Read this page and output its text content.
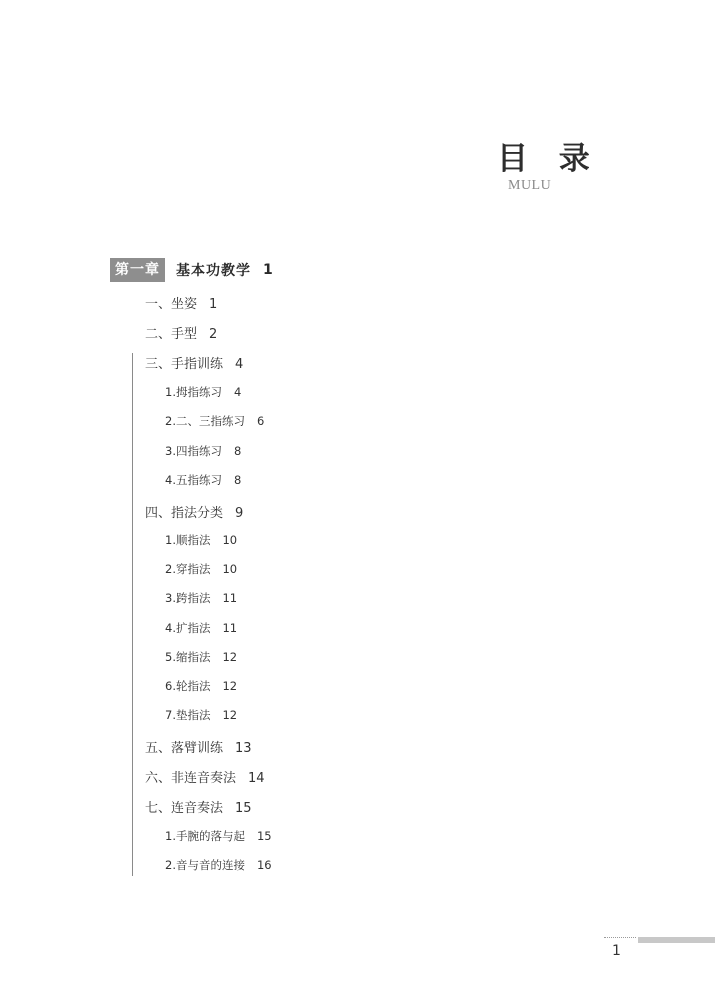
目 录
MULU
第一章	基本功教学 1
一、坐姿 1
二、手型 2
三、手指训练 4
1.拇指练习 4
2.二、三指练习 6
3.四指练习 8
4.五指练习 8
四、指法分类 9
1.顺指法 10
2.穿指法 10
3.跨指法 11
4.扩指法 11
5.缩指法 12
6.轮指法 12
7.垫指法 12
五、落臂训练 13
六、非连音奏法 14
七、连音奏法 15
1.手腕的落与起 15
2.音与音的连接 16
1
